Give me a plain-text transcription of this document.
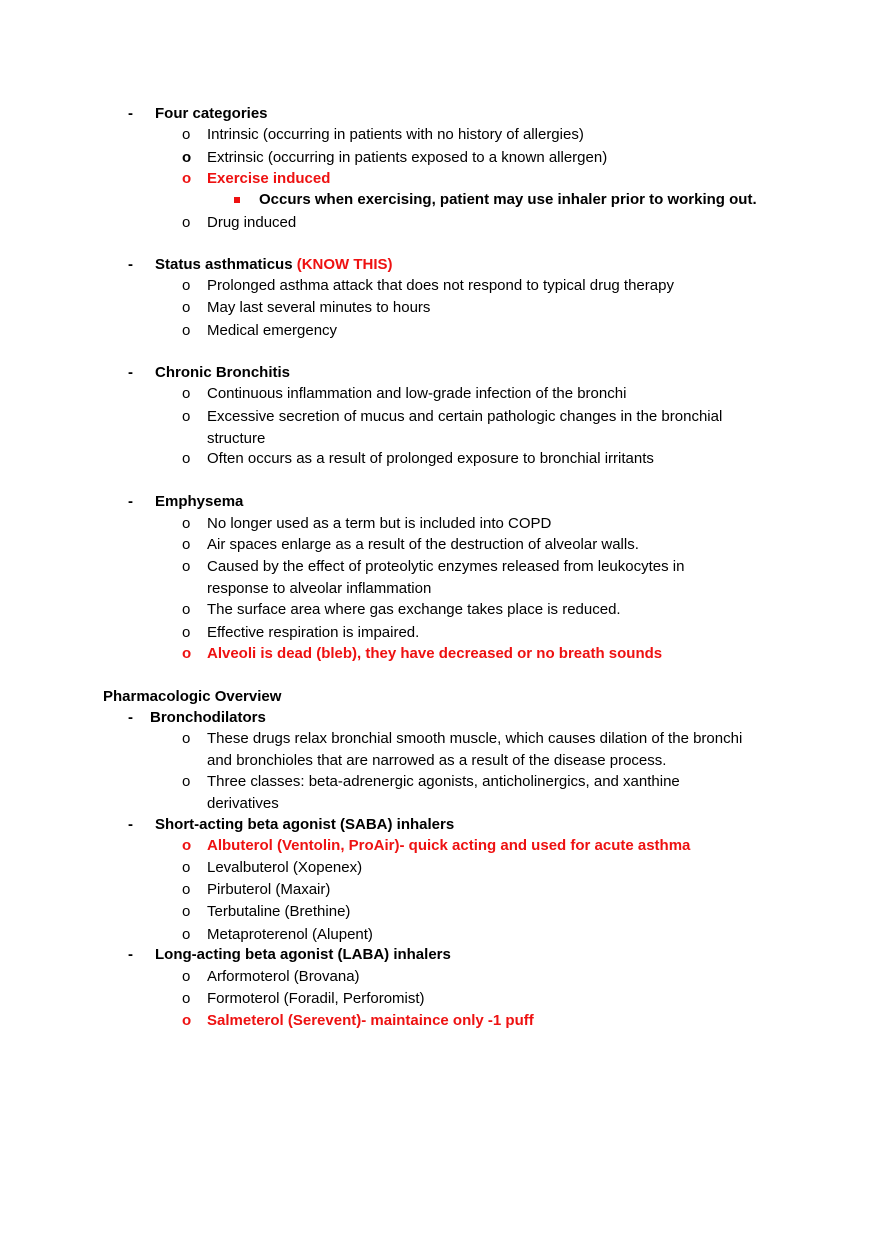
- Four categories
o Intrinsic (occurring in patients with no history of allergies)
o Extrinsic (occurring in patients exposed to a known allergen)
o Exercise induced
Occurs when exercising, patient may use inhaler prior to working out.
o Drug induced
- Status asthmaticus (KNOW THIS)
o Prolonged asthma attack that does not respond to typical drug therapy
o May last several minutes to hours
o Medical emergency
- Chronic Bronchitis
o Continuous inflammation and low-grade infection of the bronchi
o Excessive secretion of mucus and certain pathologic changes in the bronchial
structure
o Often occurs as a result of prolonged exposure to bronchial irritants
- Emphysema
o No longer used as a term but is included into COPD
o Air spaces enlarge as a result of the destruction of alveolar walls.
o Caused by the effect of proteolytic enzymes released from leukocytes in
response to alveolar inflammation
o The surface area where gas exchange takes place is reduced.
o Effective respiration is impaired.
o Alveoli is dead (bleb), they have decreased or no breath sounds
Pharmacologic Overview
- Bronchodilators
o These drugs relax bronchial smooth muscle, which causes dilation of the bronchi
and bronchioles that are narrowed as a result of the disease process.
o Three classes: beta-adrenergic agonists, anticholinergics, and xanthine
derivatives
- Short-acting beta agonist (SABA) inhalers
o Albuterol (Ventolin, ProAir)- quick acting and used for acute asthma
o Levalbuterol (Xopenex)
o Pirbuterol (Maxair)
o Terbutaline (Brethine)
o Metaproterenol (Alupent)
- Long-acting beta agonist (LABA) inhalers
o Arformoterol (Brovana)
o Formoterol (Foradil, Perforomist)
o Salmeterol (Serevent)- maintaince only -1 puff
